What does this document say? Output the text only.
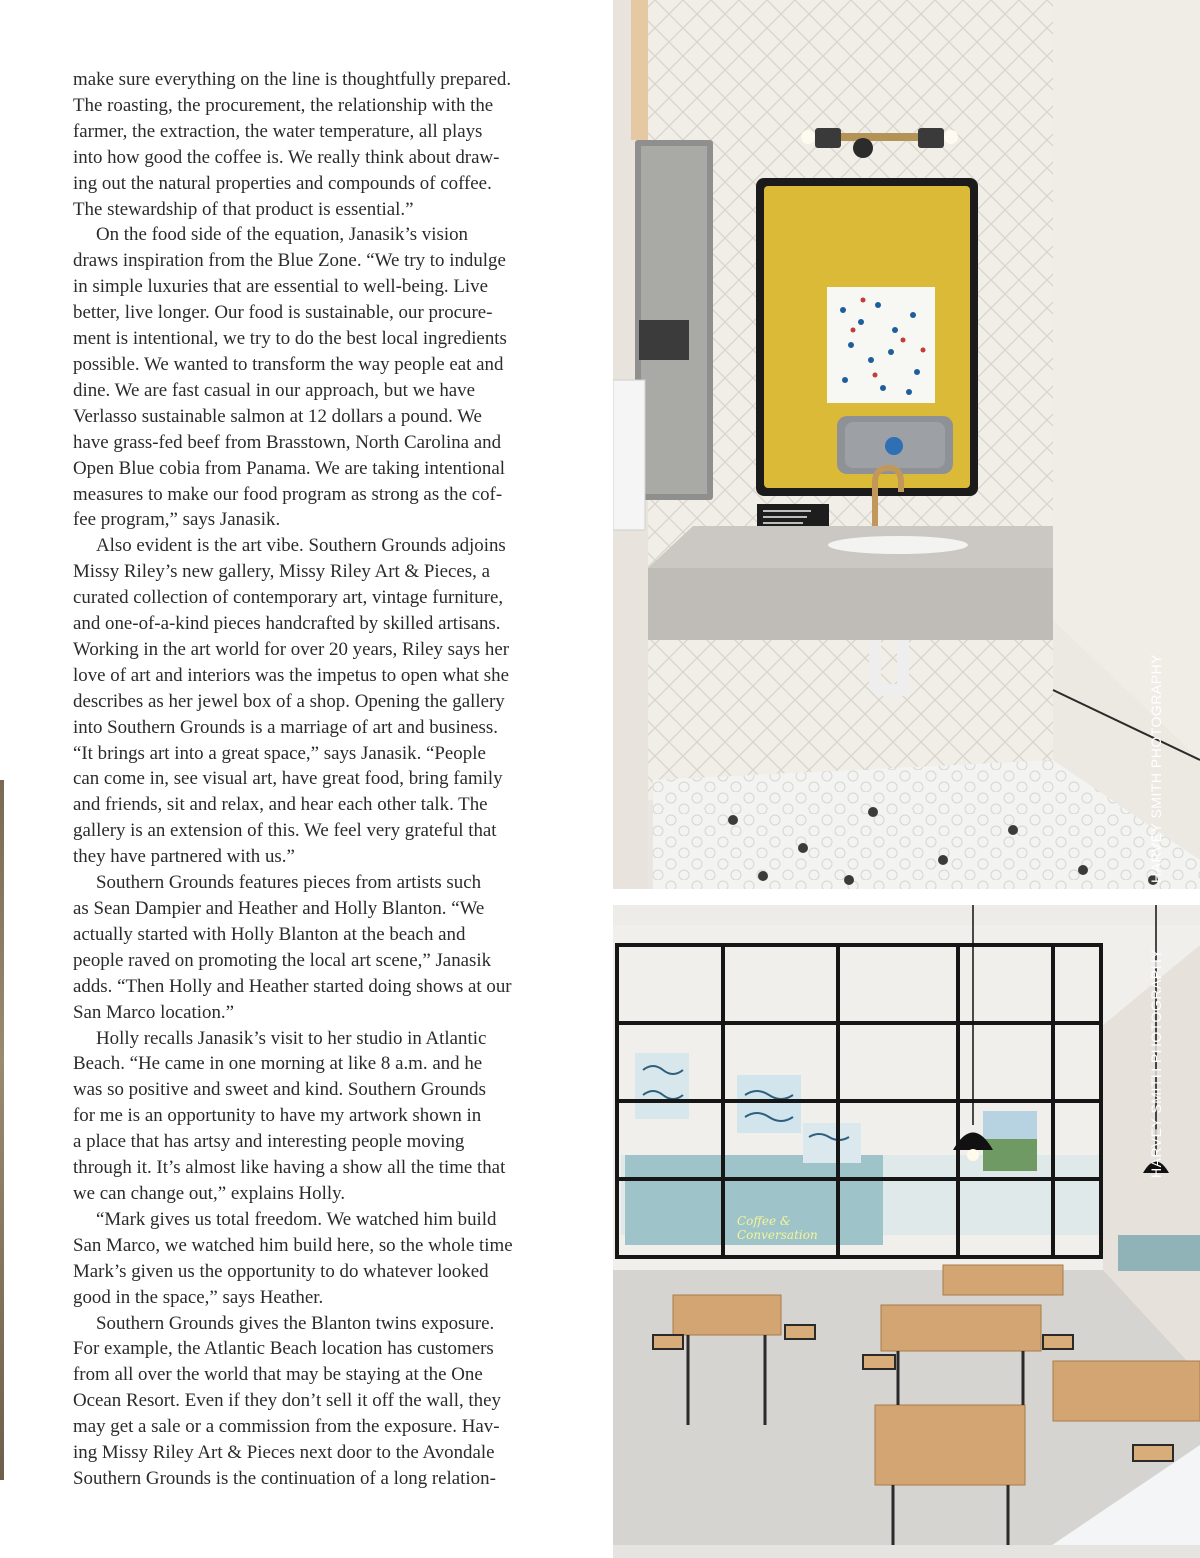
make sure everything on the line is thoughtfully prepared.
The roasting, the procurement, the relationship with the
farmer, the extraction, the water temperature, all plays
into how good the coffee is. We really think about draw-
ing out the natural properties and compounds of coffee.
The stewardship of that product is essential.”

On the food side of the equation, Janasik’s vision
draws inspiration from the Blue Zone. “We try to indulge
in simple luxuries that are essential to well-being. Live
better, live longer. Our food is sustainable, our procure-
ment is intentional, we try to do the best local ingredients
possible. We wanted to transform the way people eat and
dine. We are fast casual in our approach, but we have
Verlasso sustainable salmon at 12 dollars a pound. We
have grass-fed beef from Brasstown, North Carolina and
Open Blue cobia from Panama. We are taking intentional
measures to make our food program as strong as the cof-
fee program,” says Janasik.

Also evident is the art vibe. Southern Grounds adjoins
Missy Riley’s new gallery, Missy Riley Art & Pieces, a
curated collection of contemporary art, vintage furniture,
and one-of-a-kind pieces handcrafted by skilled artisans.
Working in the art world for over 20 years, Riley says her
love of art and interiors was the impetus to open what she
describes as her jewel box of a shop. Opening the gallery
into Southern Grounds is a marriage of art and business.
“It brings art into a great space,” says Janasik. “People
can come in, see visual art, have great food, bring family
and friends, sit and relax, and hear each other talk. The
gallery is an extension of this. We feel very grateful that
they have partnered with us.”

Southern Grounds features pieces from artists such
as Sean Dampier and Heather and Holly Blanton. “We
actually started with Holly Blanton at the beach and
people raved on promoting the local art scene,” Janasik
adds. “Then Holly and Heather started doing shows at our
San Marco location.”

Holly recalls Janasik’s visit to her studio in Atlantic
Beach. “He came in one morning at like 8 a.m. and he
was so positive and sweet and kind. Southern Grounds
for me is an opportunity to have my artwork shown in
a place that has artsy and interesting people moving
through it. It’s almost like having a show all the time that
we can change out,” explains Holly.

“Mark gives us total freedom. We watched him build
San Marco, we watched him build here, so the whole time
Mark’s given us the opportunity to do whatever looked
good in the space,” says Heather.

Southern Grounds gives the Blanton twins exposure.
For example, the Atlantic Beach location has customers
from all over the world that may be staying at the One
Ocean Resort. Even if they don’t sell it off the wall, they
may get a sale or a commission from the exposure. Hav-
ing Missy Riley Art & Pieces next door to the Avondale
Southern Grounds is the continuation of a long relation-

HARVEY SMITH PHOTOGRAPHY
Coffee &
Conversation
HARVEY SMITH PHOTOGRAPHY
